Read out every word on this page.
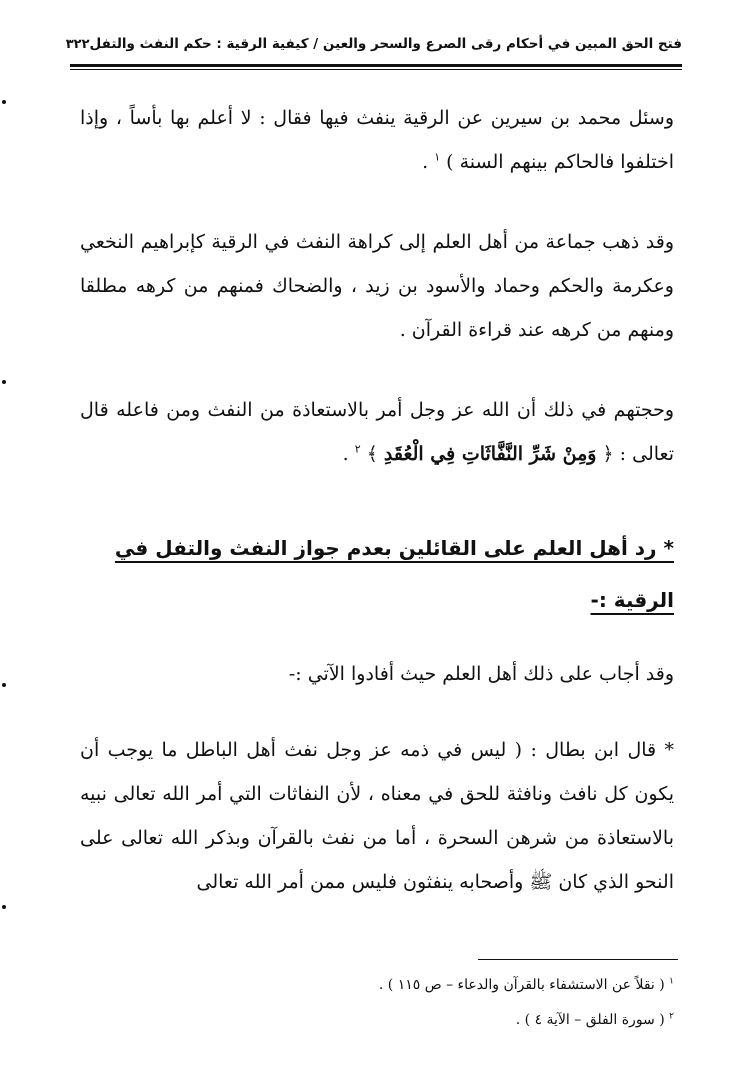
فتح الحق المبين في أحكام رقى الصرع والسحر والعين / كيفية الرقية : حكم النفث والتفل
٣٢٢

وسئل محمد بن سيرين عن الرقية ينفث فيها فقال : لا أعلم بها بأساً ، وإذا اختلفوا فالحاكم بينهم السنة ) $^١$ .

وقد ذهب جماعة من أهل العلم إلى كراهة النفث في الرقية كإبراهيم النخعي وعكرمة والحكم وحماد والأسود بن زيد ، والضحاك فمنهم من كرهه مطلقا ومنهم من كرهه عند قراءة القرآن .

وحجتهم في ذلك أن الله عز وجل أمر بالاستعاذة من النفث ومن فاعله قال تعالى : ﴿ وَمِنْ شَرِّ النَّفَّاثَاتِ فِي الْعُقَدِ ﴾ $^٢$ .

* رد أهل العلم على القائلين بعدم جواز النفث والتفل في الرقية :-

وقد أجاب على ذلك أهل العلم حيث أفادوا الآتي :-

* قال ابن بطال : ( ليس في ذمه عز وجل نفث أهل الباطل ما يوجب أن يكون كل نافث ونافثة للحق في معناه ، لأن النفاثات التي أمر الله تعالى نبيه بالاستعاذة من شرهن السحرة ، أما من نفث بالقرآن وبذكر الله تعالى على النحو الذي كان ﷺ وأصحابه ينفثون فليس ممن أمر الله تعالى

$^١$ ( نقلاً عن الاستشفاء بالقرآن والدعاء – ص ١١٥ ) .

$^٢$ ( سورة الفلق – الآية ٤ ) .
